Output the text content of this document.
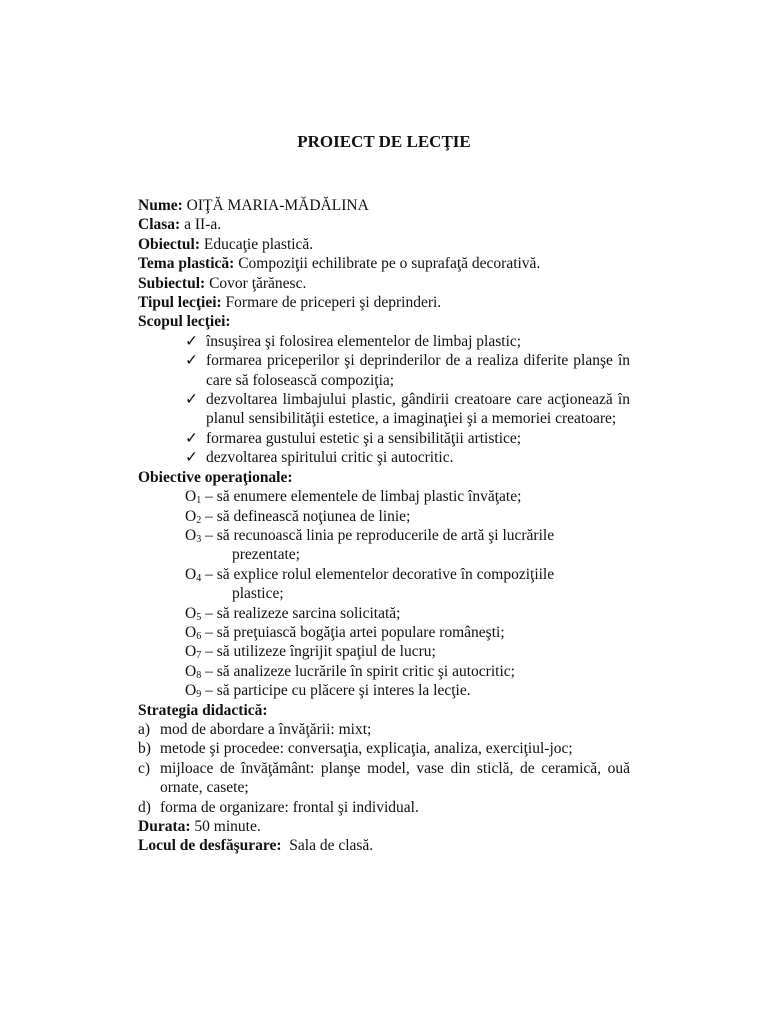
PROIECT DE LECŢIE
Nume: OIŢĂ MARIA-MĂDĂLINA
Clasa: a II-a.
Obiectul: Educaţie plastică.
Tema plastică: Compoziţii echilibrate pe o suprafaţă decorativă.
Subiectul: Covor ţărănesc.
Tipul lecţiei: Formare de priceperi şi deprinderi.
Scopul lecţiei:
✓ însuşirea şi folosirea elementelor de limbaj plastic;
✓ formarea priceperilor şi deprinderilor de a realiza diferite planşe în care să folosească compoziţia;
✓ dezvoltarea limbajului plastic, gândirii creatoare care acţionează în planul sensibilităţii estetice, a imaginaţiei şi a memoriei creatoare;
✓ formarea gustului estetic şi a sensibilităţii artistice;
✓ dezvoltarea spiritului critic şi autocritic.
Obiective operaţionale:
$O_1$ – să enumere elementele de limbaj plastic învăţate;
$O_2$ – să definească noţiunea de linie;
$O_3$ – să recunoască linia pe reproducerile de artă şi lucrările
prezentate;
$O_4$ – să explice rolul elementelor decorative în compoziţiile
plastice;
$O_5$ – să realizeze sarcina solicitată;
$O_6$ – să preţuiască bogăţia artei populare româneşti;
$O_7$ – să utilizeze îngrijit spaţiul de lucru;
$O_8$ – să analizeze lucrările în spirit critic şi autocritic;
$O_9$ – să participe cu plăcere şi interes la lecţie.
Strategia didactică:
a) mod de abordare a învăţării: mixt;
b) metode şi procedee: conversaţia, explicaţia, analiza, exerciţiul-joc;
c) mijloace de învăţământ: planşe model, vase din sticlă, de ceramică, ouă ornate, casete;
d) forma de organizare: frontal şi individual.
Durata: 50 minute.
Locul de desfăşurare: Sala de clasă.
